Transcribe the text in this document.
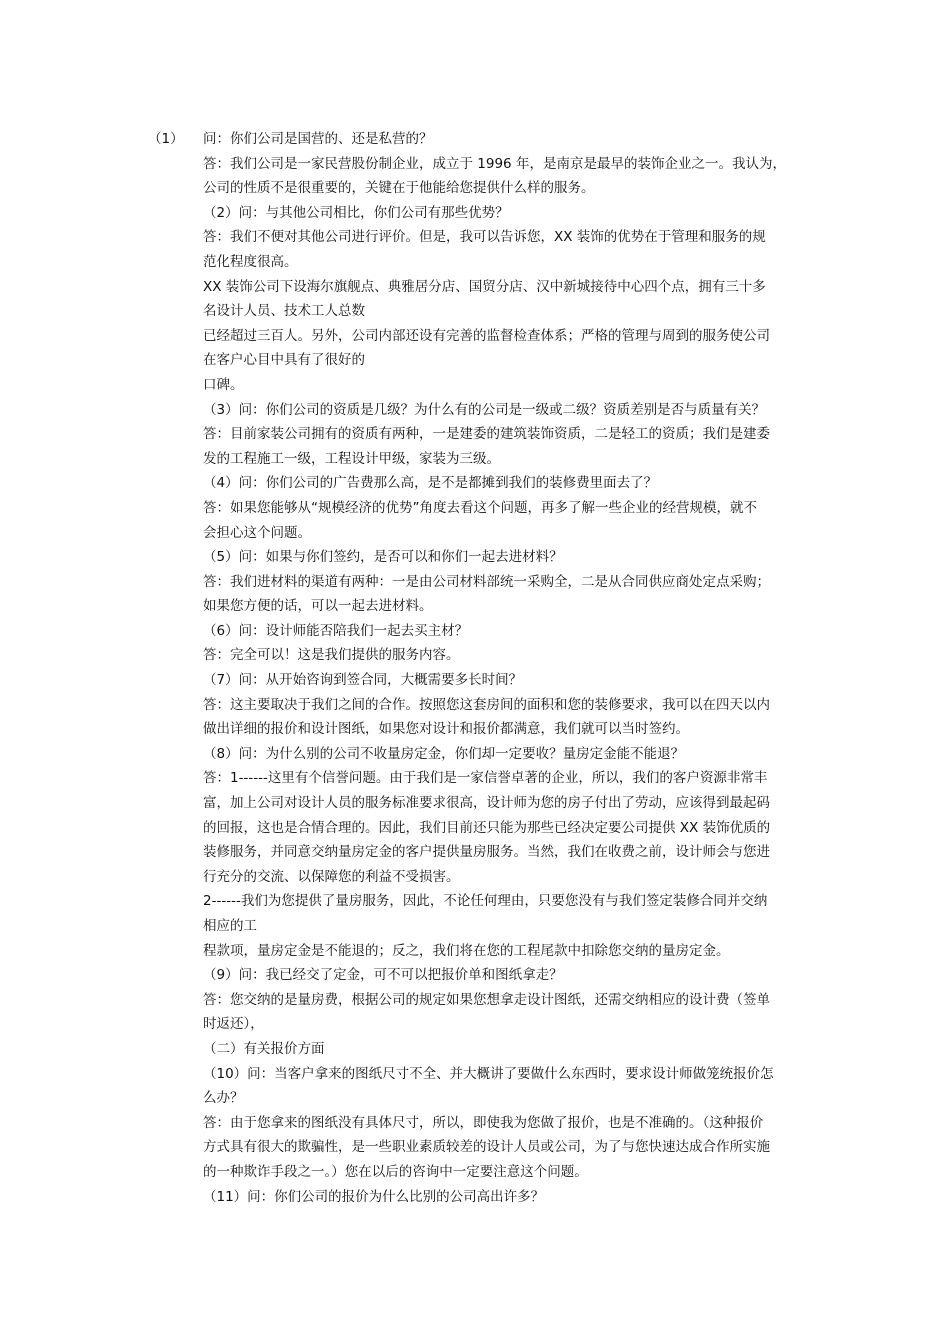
（1） 问：你们公司是国营的、还是私营的？
答：我们公司是一家民营股份制企业，成立于 1996 年，是南京是最早的装饰企业之一。我认为，
公司的性质不是很重要的，关键在于他能给您提供什么样的服务。
（2）问：与其他公司相比，你们公司有那些优势？
答：我们不便对其他公司进行评价。但是，我可以告诉您，XX 装饰的优势在于管理和服务的规
范化程度很高。
XX 装饰公司下设海尔旗舰点、典雅居分店、国贸分店、汉中新城接待中心四个点，拥有三十多
名设计人员、技术工人总数
已经超过三百人。另外，公司内部还设有完善的监督检查体系；严格的管理与周到的服务使公司
在客户心目中具有了很好的
口碑。
（3）问：你们公司的资质是几级？为什么有的公司是一级或二级？资质差别是否与质量有关？
答：目前家装公司拥有的资质有两种，一是建委的建筑装饰资质，二是轻工的资质；我们是建委
发的工程施工一级，工程设计甲级，家装为三级。
（4）问：你们公司的广告费那么高，是不是都摊到我们的装修费里面去了？
答：如果您能够从“规模经济的优势”角度去看这个问题，再多了解一些企业的经营规模，就不
会担心这个问题。
（5）问：如果与你们签约，是否可以和你们一起去进材料？
答：我们进材料的渠道有两种：一是由公司材料部统一采购全，二是从合同供应商处定点采购；
如果您方便的话，可以一起去进材料。
（6）问：设计师能否陪我们一起去买主材？
答：完全可以！这是我们提供的服务内容。
（7）问：从开始咨询到签合同，大概需要多长时间？
答：这主要取决于我们之间的合作。按照您这套房间的面积和您的装修要求，我可以在四天以内
做出详细的报价和设计图纸，如果您对设计和报价都满意，我们就可以当时签约。
（8）问：为什么别的公司不收量房定金，你们却一定要收？量房定金能不能退？
答：1------这里有个信誉问题。由于我们是一家信誉卓著的企业，所以，我们的客户资源非常丰
富，加上公司对设计人员的服务标准要求很高，设计师为您的房子付出了劳动，应该得到最起码
的回报，这也是合情合理的。因此，我们目前还只能为那些已经决定要公司提供 XX 装饰优质的
装修服务，并同意交纳量房定金的客户提供量房服务。当然，我们在收费之前，设计师会与您进
行充分的交流、以保障您的利益不受损害。
2------我们为您提供了量房服务，因此，不论任何理由，只要您没有与我们签定装修合同并交纳
相应的工
程款项，量房定金是不能退的；反之，我们将在您的工程尾款中扣除您交纳的量房定金。
（9）问：我已经交了定金，可不可以把报价单和图纸拿走？
答：您交纳的是量房费，根据公司的规定如果您想拿走设计图纸，还需交纳相应的设计费（签单
时返还），
（二）有关报价方面
（10）问：当客户拿来的图纸尺寸不全、并大概讲了要做什么东西时，要求设计师做笼统报价怎
么办？
答：由于您拿来的图纸没有具体尺寸，所以，即使我为您做了报价，也是不准确的。（这种报价
方式具有很大的欺骗性，是一些职业素质较差的设计人员或公司，为了与您快速达成合作所实施
的一种欺诈手段之一。）您在以后的咨询中一定要注意这个问题。
（11）问：你们公司的报价为什么比别的公司高出许多？
